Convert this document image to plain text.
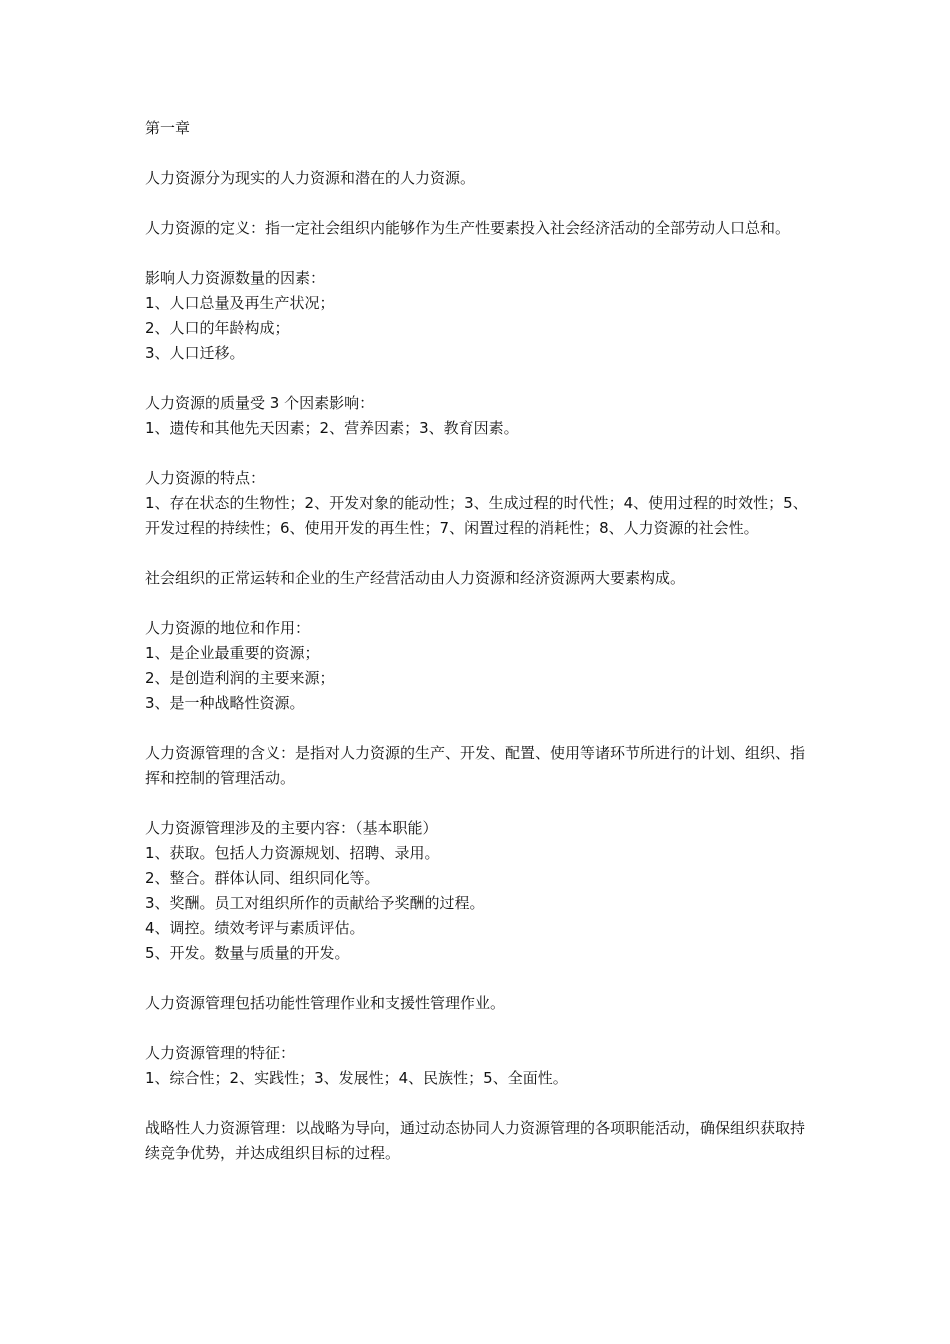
第一章
人力资源分为现实的人力资源和潜在的人力资源。
人力资源的定义：指一定社会组织内能够作为生产性要素投入社会经济活动的全部劳动人口总和。
影响人力资源数量的因素：
1、人口总量及再生产状况；
2、人口的年龄构成；
3、人口迁移。
人力资源的质量受 3 个因素影响：
1、遗传和其他先天因素；2、营养因素；3、教育因素。
人力资源的特点：
1、存在状态的生物性；2、开发对象的能动性；3、生成过程的时代性；4、使用过程的时效性；5、开发过程的持续性；6、使用开发的再生性；7、闲置过程的消耗性；8、人力资源的社会性。
社会组织的正常运转和企业的生产经营活动由人力资源和经济资源两大要素构成。
人力资源的地位和作用：
1、是企业最重要的资源；
2、是创造利润的主要来源；
3、是一种战略性资源。
人力资源管理的含义：是指对人力资源的生产、开发、配置、使用等诸环节所进行的计划、组织、指挥和控制的管理活动。
人力资源管理涉及的主要内容：（基本职能）
1、获取。包括人力资源规划、招聘、录用。
2、整合。群体认同、组织同化等。
3、奖酬。员工对组织所作的贡献给予奖酬的过程。
4、调控。绩效考评与素质评估。
5、开发。数量与质量的开发。
人力资源管理包括功能性管理作业和支援性管理作业。
人力资源管理的特征：
1、综合性；2、实践性；3、发展性；4、民族性；5、全面性。
战略性人力资源管理：以战略为导向，通过动态协同人力资源管理的各项职能活动，确保组织获取持续竞争优势，并达成组织目标的过程。
